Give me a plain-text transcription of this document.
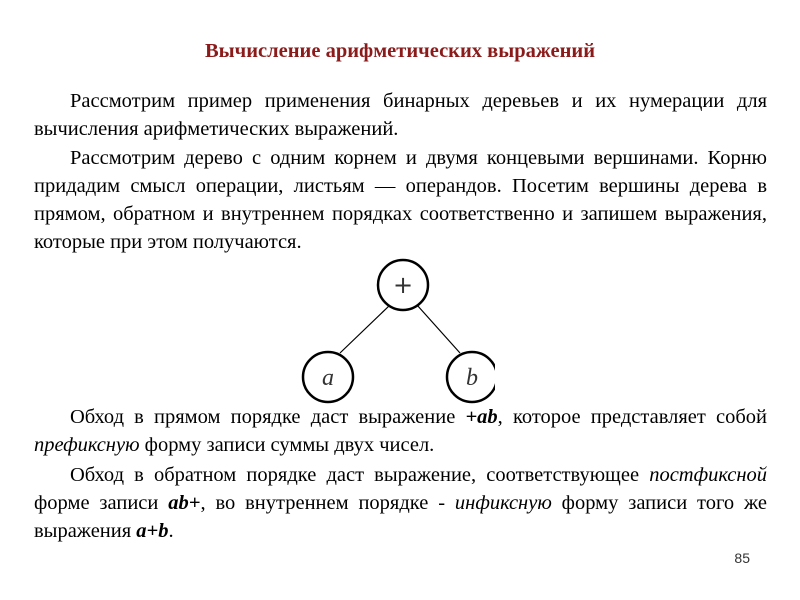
Вычисление арифметических выражений

Рассмотрим пример применения бинарных деревьев и их нумерации для вычисления арифметических выражений.

Рассмотрим дерево с одним корнем и двумя концевыми вершинами. Корню придадим смысл операции, листьям — операндов. Посетим вершины дерева в прямом, обратном и внутреннем порядках соответственно и запишем выражения, которые при этом получаются.

+
a	b

Обход в прямом порядке даст выражение +ab, которое представляет собой префиксную форму записи суммы двух чисел.

Обход в обратном порядке даст выражение, соответствующее постфиксной форме записи ab+, во внутреннем порядке - инфиксную форму записи того же выражения a+b.

85
